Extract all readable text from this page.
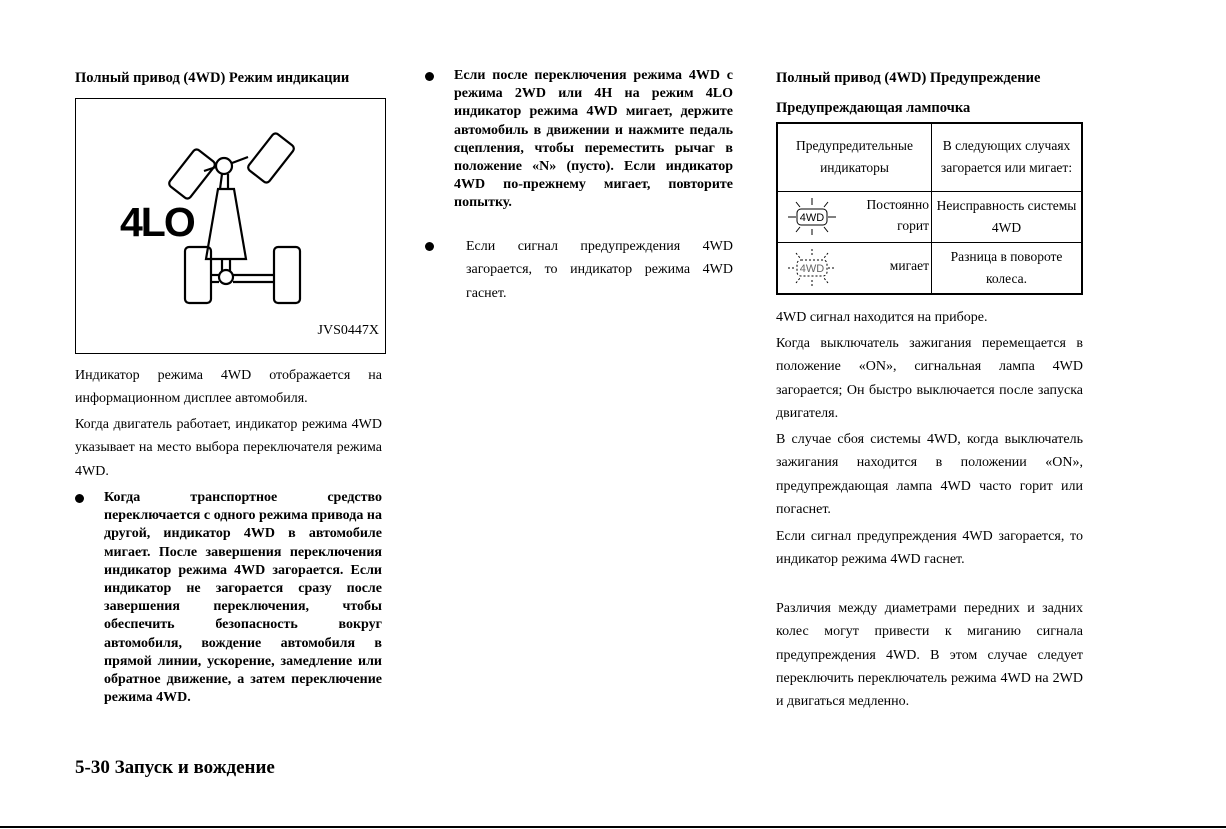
Полный привод (4WD) Режим индикации
4LO
JVS0447X
Индикатор режима 4WD отображается на информационном дисплее автомобиля.
Когда двигатель работает, индикатор режима 4WD указывает на место выбора переключателя режима 4WD.
Когда транспортное средство переключается с одного режима привода на другой, индикатор 4WD в автомобиле мигает. После завершения переключения индикатор режима 4WD загорается. Если индикатор не загорается сразу после завершения переключения, чтобы обеспечить безопасность вокруг автомобиля, вождение автомобиля в прямой линии, ускорение, замедление или обратное движение, а затем переключение режима 4WD.
Если после переключения режима 4WD с режима 2WD или 4H на режим 4LO индикатор режима 4WD мигает, держите автомобиль в движении и нажмите педаль сцепления, чтобы переместить рычаг в положение «N» (пусто). Если индикатор 4WD по-прежнему мигает, повторите попытку.
Если сигнал предупреждения 4WD загорается, то индикатор режима 4WD гаснет.
Полный привод (4WD) Предупреждение
Предупреждающая лампочка
Предупредительные индикаторы	В следующих случаях загорается или мигает:

4WD
Постоянно горит	Неисправность системы 4WD

4WD мигает	Разница в повороте колеса.
4WD сигнал находится на приборе.
Когда выключатель зажигания перемещается в положение «ON», сигнальная лампа 4WD загорается; Он быстро выключается после запуска двигателя.
В случае сбоя системы 4WD, когда выключатель зажигания находится в положении «ON», предупреждающая лампа 4WD часто горит или погаснет.
Если сигнал предупреждения 4WD загорается, то индикатор режима 4WD гаснет.
Различия между диаметрами передних и задних колес могут привести к миганию сигнала предупреждения 4WD. В этом случае следует переключить переключатель режима 4WD на 2WD и двигаться медленно.
5-30 Запуск и вождение
